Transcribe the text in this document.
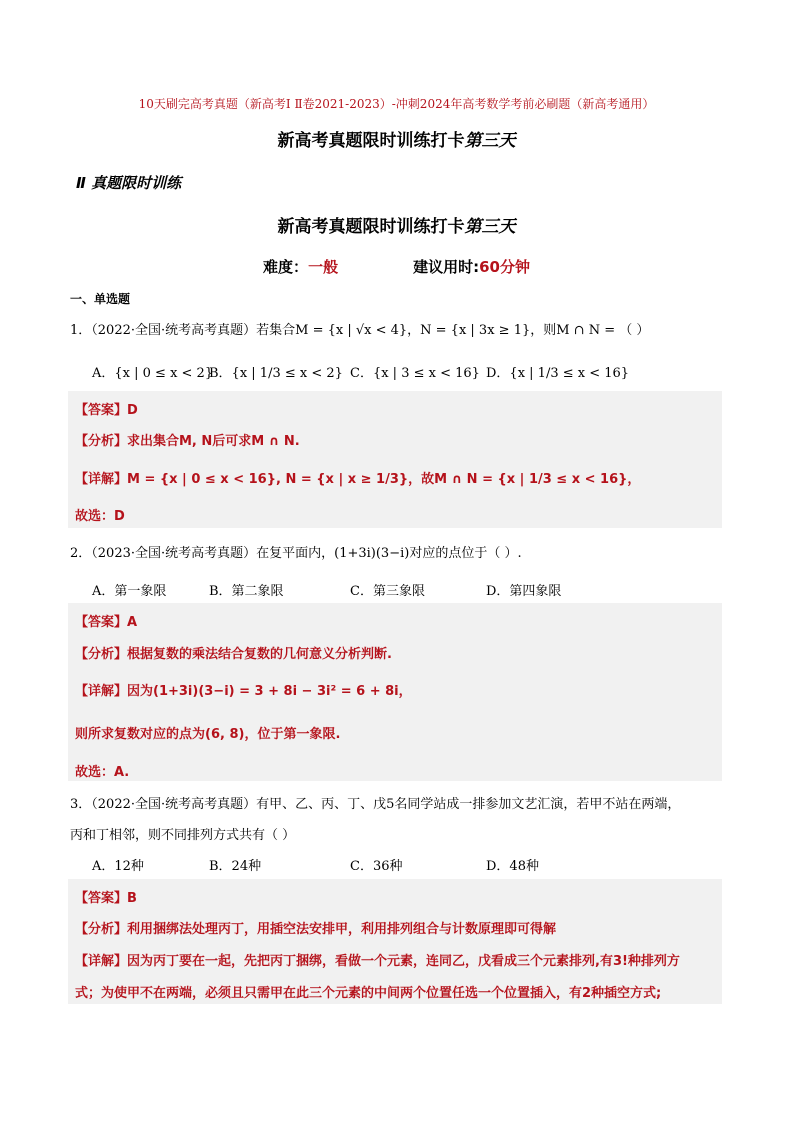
10天刷完高考真题（新高考Ⅰ Ⅱ卷2021-2023）-冲刺2024年高考数学考前必刷题（新高考通用）
新高考真题限时训练打卡第三天
Ⅱ 真题限时训练
新高考真题限时训练打卡第三天
难度：一般	建议用时:60分钟
一、单选题
1．（2022·全国·统考高考真题）若集合M = {x | √x < 4}，N = {x | 3x ≥ 1}，则M ∩ N = （ ）
A．{x | 0 ≤ x < 2}
B．{x | 1/3 ≤ x < 2} C．{x | 3 ≤ x < 16} D．{x | 1/3 ≤ x < 16}
【答案】D
【分析】求出集合M, N后可求M ∩ N.
【详解】M = {x | 0 ≤ x < 16}, N = {x | x ≥ 1/3}，故M ∩ N = {x | 1/3 ≤ x < 16}，
故选：D
2．（2023·全国·统考高考真题）在复平面内，(1+3i)(3−i)对应的点位于（ ）.
A．第一象限	B．第二象限	C．第三象限	D．第四象限
【答案】A
【分析】根据复数的乘法结合复数的几何意义分析判断.
【详解】因为(1+3i)(3−i) = 3 + 8i − 3i² = 6 + 8i，
则所求复数对应的点为(6, 8)，位于第一象限.
故选：A.
3．（2022·全国·统考高考真题）有甲、乙、丙、丁、戊5名同学站成一排参加文艺汇演，若甲不站在两端，
丙和丁相邻，则不同排列方式共有（ ）
A．12种	B．24种	C．36种	D．48种
【答案】B
【分析】利用捆绑法处理丙丁，用插空法安排甲，利用排列组合与计数原理即可得解
【详解】因为丙丁要在一起，先把丙丁捆绑，看做一个元素，连同乙，戊看成三个元素排列,有3!种排列方
式；为使甲不在两端，必须且只需甲在此三个元素的中间两个位置任选一个位置插入，有2种插空方式;
